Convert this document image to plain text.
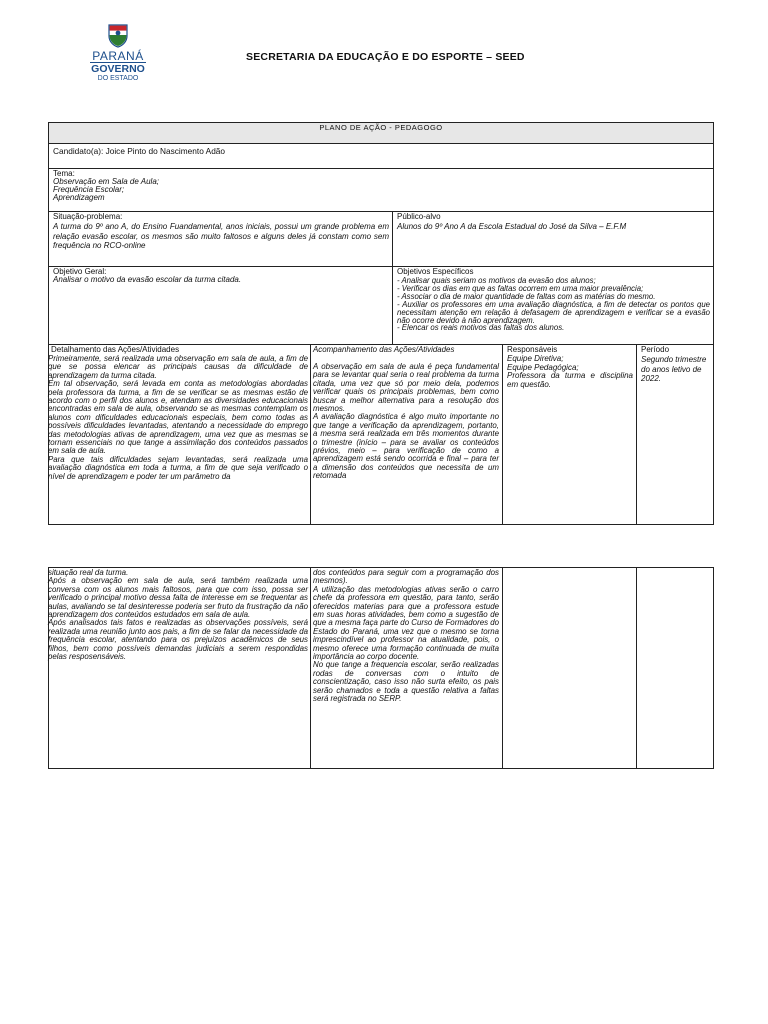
PARANÁ
GOVERNO
DO ESTADO
SECRETARIA DA EDUCAÇÃO E DO ESPORTE – SEED
PLANO DE AÇÃO - PEDAGOGO
Candidato(a): Joice Pinto do Nascimento Adão
Tema:
Observação em Sala de Aula;
Frequência Escolar;
Aprendizagem
Situação-problema:
A turma do 9º ano A, do Ensino Fuandamental, anos iniciais, possui um grande problema em relação evasão escolar, os mesmos são muito faltosos e alguns deles já constam como sem frequência no RCO-online
Público-alvo
Alunos do 9º Ano A da Escola Estadual do José da Silva – E.F.M
Objetivo Geral:
Analisar o motivo da evasão escolar da turma citada.
Objetivos Específicos
- Analisar quais seriam os motivos da evasão dos alunos;
- Verificar os dias em que as faltas ocorrem em uma maior prevalência;
- Associar o dia de maior quantidade de faltas com as matérias do mesmo.
- Auxiliar os professores em uma avaliação diagnóstica, a fim de detectar os pontos que necessitam atenção em relação à defasagem de aprendizagem e verificar se a evasão não ocorre devido à não aprendizagem.
- Elencar os reais motivos das faltas dos alunos.
Detalhamento das Ações/Atividades
Primeiramente, será realizada uma observação em sala de aula, a fim de que se possa elencar as principais causas da dificuldade de aprendizagem da turma citada.
Em tal observação, será levada em conta as metodologias abordadas pela professora da turma, a fim de se verificar se as mesmas estão de acordo com o perfil dos alunos e, atendam as diversidades educacionais encontradas em sala de aula, observando se as mesmas contemplam os alunos com dificuldades educacionais especiais, bem como todas as possíveis dificuldades levantadas, atentando a necessidade do emprego das metodologias ativas de aprendizagem, uma vez que as mesmas se tornam essenciais no que tange a assimilação dos conteúdos passados em sala de aula.
Para que tais dificuldades sejam levantadas, será realizada uma avaliação diagnóstica em toda a turma, a fim de que seja verificado o nível de aprendizagem e poder ter um parâmetro da
Acompanhamento das Ações/Atividades
A observação em sala de aula é peça fundamental para se levantar qual seria o real problema da turma citada, uma vez que só por meio dela, podemos verificar quais os principais problemas, bem como buscar a melhor alternativa para a resolução dos mesmos.
A avaliação diagnóstica é algo muito importante no que tange a verificação da aprendizagem, portanto, a mesma será realizada em três momentos durante o trimestre (início – para se avaliar os conteúdos prévios, meio – para verificação de como a aprendizagem está sendo ocorrida e final – para ter a dimensão dos conteúdos que necessita de um retomada
Responsáveis
Equipe Diretiva;
Equipe Pedagógica;
Professora da turma e disciplina em questão.
Período
Segundo trimestre do anos letivo de 2022.
situação real da turma.
Após a observação em sala de aula, será também realizada uma conversa com os alunos mais faltosos, para que com isso, possa ser verificado o principal motivo dessa falta de interesse em se frequentar as aulas, avaliando se tal desinteresse poderia ser fruto da frustração da não aprendizagem dos conteúdos estudados em sala de aula.
Após analisados tais fatos e realizadas as observações possíveis, será realizada uma reunião junto aos pais, a fim de se falar da necessidade da frequência escolar, atentando para os prejuízos acadêmicos de seus filhos, bem como possíveis demandas judiciais a serem respondidas pelas resposensáveis.
dos conteúdos para seguir com a programação dos mesmos).
A utilização das metodologias ativas serão o carro chefe da professora em questão, para tanto, serão oferecidos materias para que a professora estude em suas horas atividades, bem como a sugestão de que a mesma faça parte do Curso de Formadores do Estado do Paraná, uma vez que o mesmo se torna imprescindível ao professor na atualidade, pois, o mesmo oferece uma formação continuada de muita importância ao corpo docente.
No que tange a frequencia escolar, serão realizadas rodas de conversas com o intuito de conscientização, caso isso não surta efeito, os pais serão chamados e toda a questão relativa a faltas será registrada no SERP.
